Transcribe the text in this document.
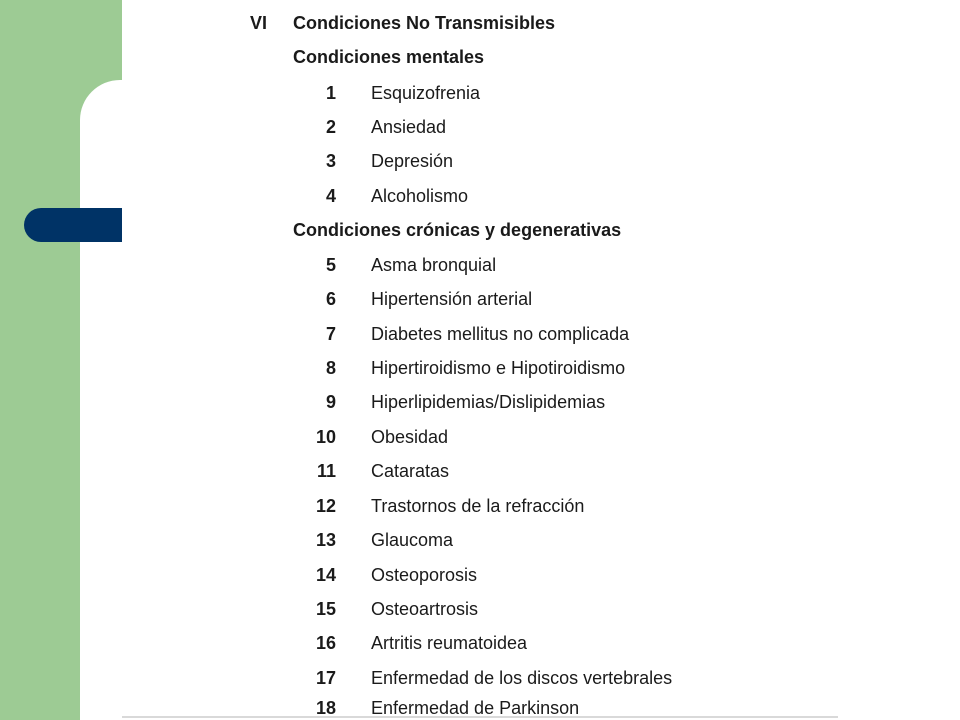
VI Condiciones No Transmisibles
Condiciones mentales
1 Esquizofrenia
2 Ansiedad
3 Depresión
4 Alcoholismo
Condiciones crónicas y degenerativas
5 Asma bronquial
6 Hipertensión arterial
7 Diabetes mellitus no complicada
8 Hipertiroidismo e Hipotiroidismo
9 Hiperlipidemias/Dislipidemias
10 Obesidad
11 Cataratas
12 Trastornos de la refracción
13 Glaucoma
14 Osteoporosis
15 Osteoartrosis
16 Artritis reumatoidea
17 Enfermedad de los discos vertebrales
18 Enfermedad de Parkinson
